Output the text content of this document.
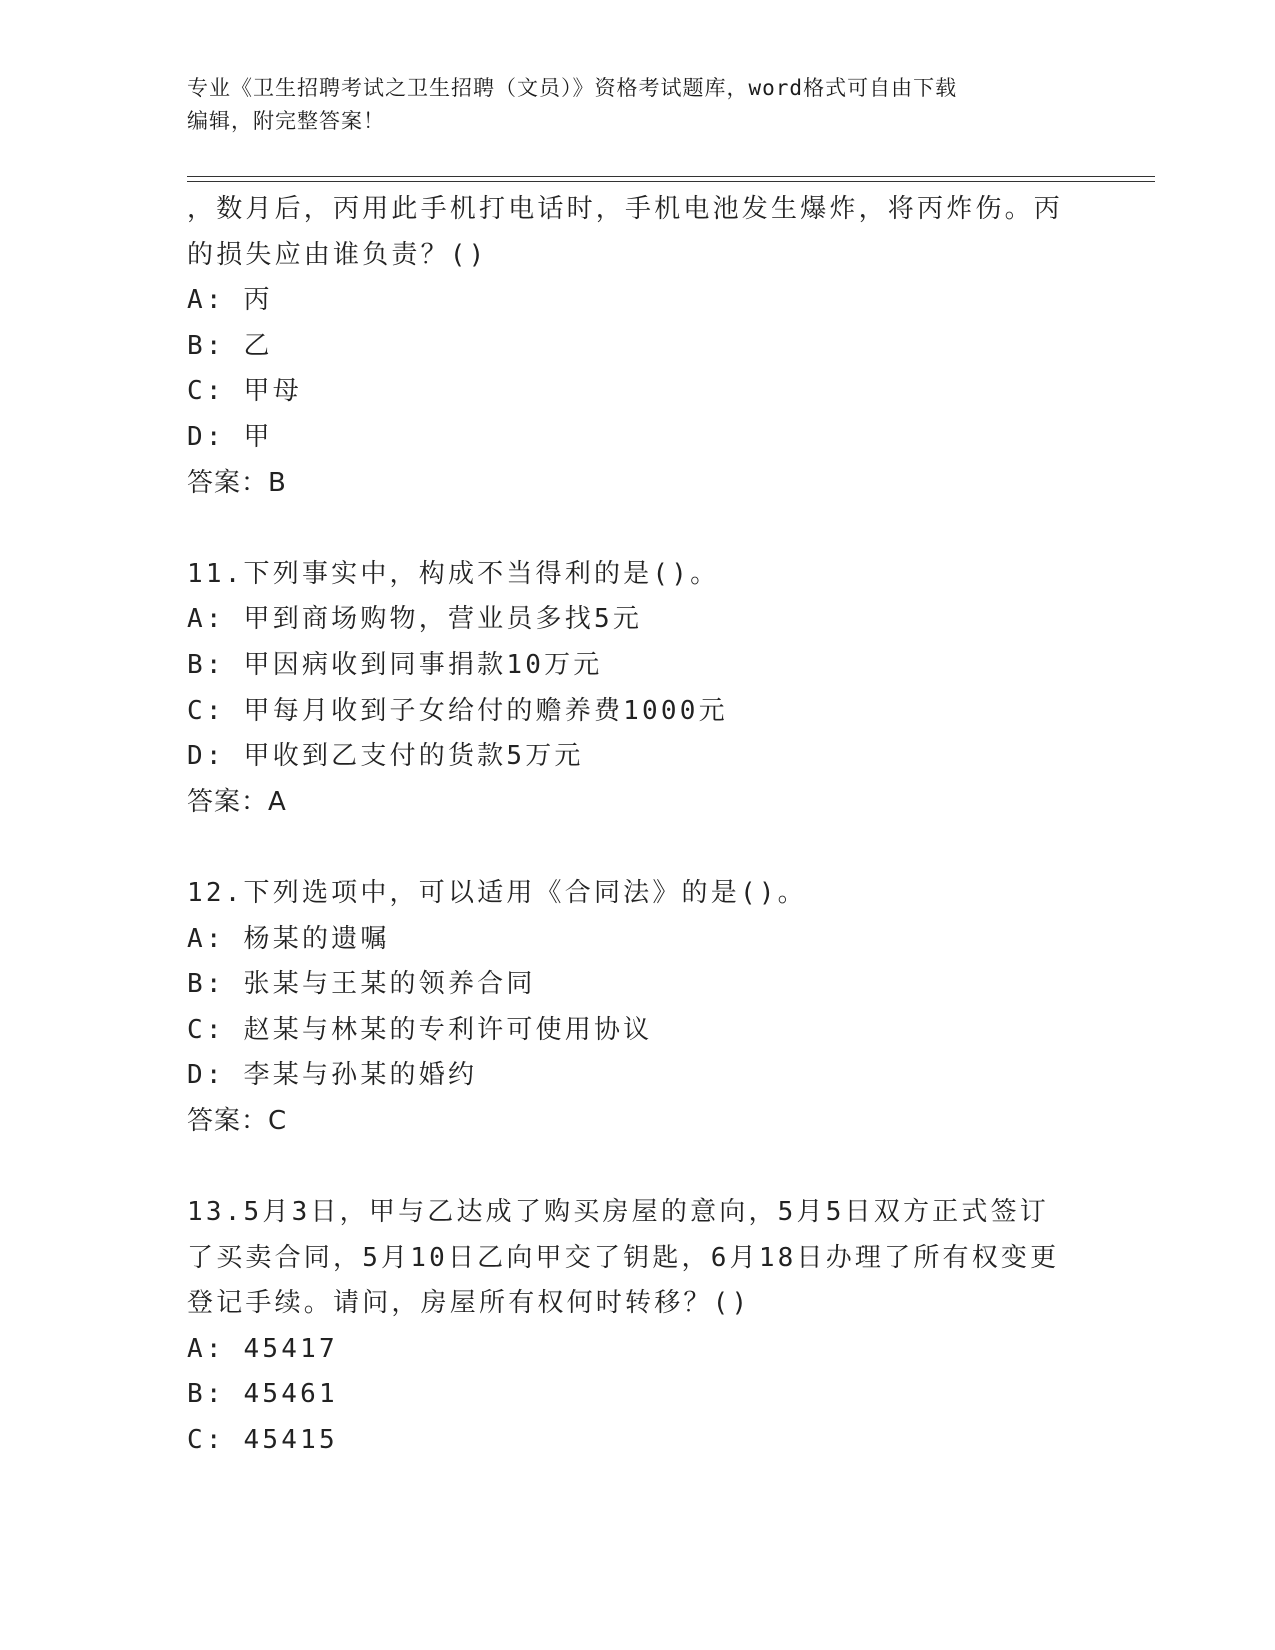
专业《卫生招聘考试之卫生招聘（文员）》资格考试题库，word格式可自由下载
编辑，附完整答案！
，数月后，丙用此手机打电话时，手机电池发生爆炸，将丙炸伤。丙
的损失应由谁负责？()
A: 丙
B: 乙
C: 甲母
D: 甲
答案：B
11.下列事实中，构成不当得利的是()。
A: 甲到商场购物，营业员多找5元
B: 甲因病收到同事捐款10万元
C: 甲每月收到子女给付的赡养费1000元
D: 甲收到乙支付的货款5万元
答案：A
12.下列选项中，可以适用《合同法》的是()。
A: 杨某的遗嘱
B: 张某与王某的领养合同
C: 赵某与林某的专利许可使用协议
D: 李某与孙某的婚约
答案：C
13.5月3日，甲与乙达成了购买房屋的意向，5月5日双方正式签订
了买卖合同，5月10日乙向甲交了钥匙，6月18日办理了所有权变更
登记手续。请问，房屋所有权何时转移？()
A: 45417
B: 45461
C: 45415
